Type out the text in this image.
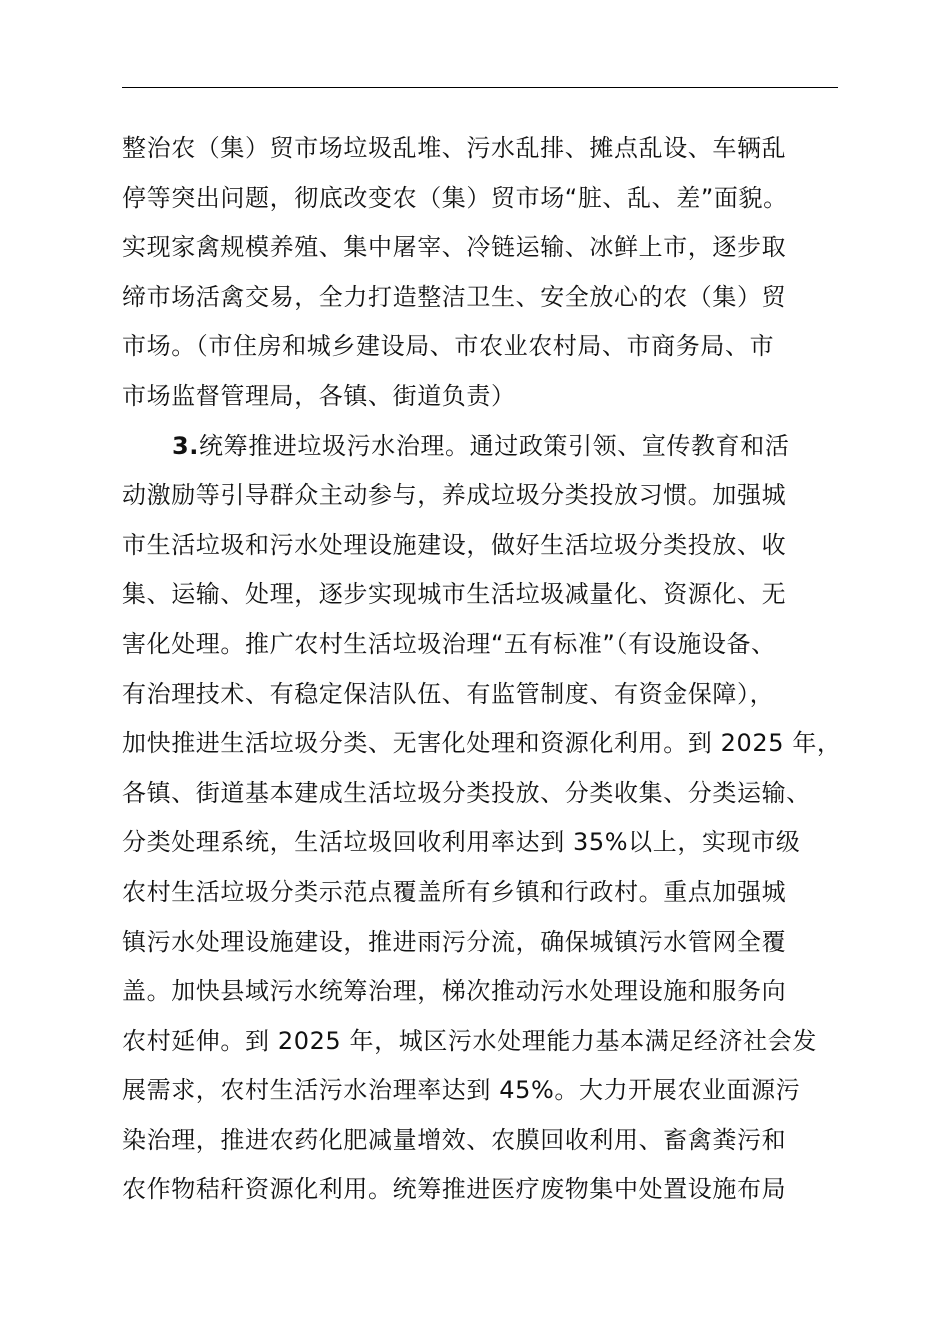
整治农（集）贸市场垃圾乱堆、污水乱排、摊点乱设、车辆乱
停等突出问题，彻底改变农（集）贸市场“脏、乱、差”面貌。
实现家禽规模养殖、集中屠宰、冷链运输、冰鲜上市，逐步取
缔市场活禽交易，全力打造整洁卫生、安全放心的农（集）贸
市场。（市住房和城乡建设局、市农业农村局、市商务局、市
市场监督管理局，各镇、街道负责）
3.统筹推进垃圾污水治理。通过政策引领、宣传教育和活
动激励等引导群众主动参与，养成垃圾分类投放习惯。加强城
市生活垃圾和污水处理设施建设，做好生活垃圾分类投放、收
集、运输、处理，逐步实现城市生活垃圾减量化、资源化、无
害化处理。推广农村生活垃圾治理“五有标准”（有设施设备、
有治理技术、有稳定保洁队伍、有监管制度、有资金保障），
加快推进生活垃圾分类、无害化处理和资源化利用。到 2025 年，
各镇、街道基本建成生活垃圾分类投放、分类收集、分类运输、
分类处理系统，生活垃圾回收利用率达到 35%以上，实现市级
农村生活垃圾分类示范点覆盖所有乡镇和行政村。重点加强城
镇污水处理设施建设，推进雨污分流，确保城镇污水管网全覆
盖。加快县域污水统筹治理，梯次推动污水处理设施和服务向
农村延伸。到 2025 年，城区污水处理能力基本满足经济社会发
展需求，农村生活污水治理率达到 45%。大力开展农业面源污
染治理，推进农药化肥减量增效、农膜回收利用、畜禽粪污和
农作物秸秆资源化利用。统筹推进医疗废物集中处置设施布局
